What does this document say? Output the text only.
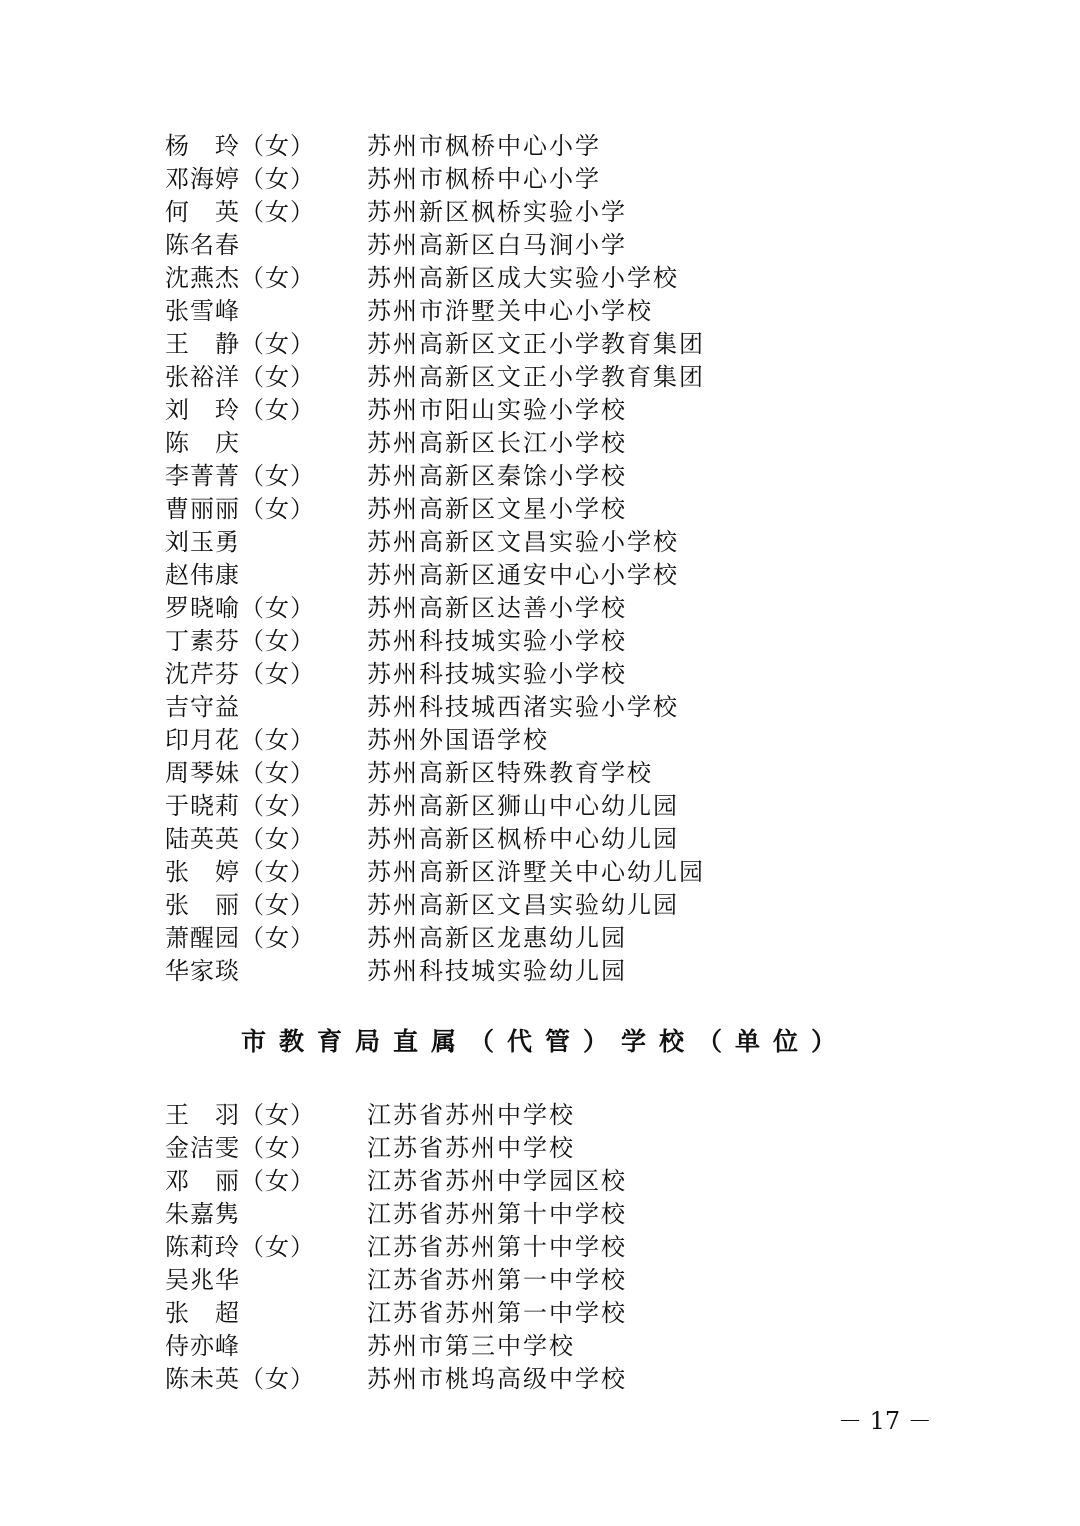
杨　玲（女） 苏州市枫桥中心小学
邓海婷（女） 苏州市枫桥中心小学
何　英（女） 苏州新区枫桥实验小学
陈名春	苏州高新区白马涧小学
沈燕杰（女） 苏州高新区成大实验小学校
张雪峰	苏州市浒墅关中心小学校
王　静（女） 苏州高新区文正小学教育集团
张裕洋（女） 苏州高新区文正小学教育集团
刘　玲（女） 苏州市阳山实验小学校
陈　庆	苏州高新区长江小学校
李菁菁（女） 苏州高新区秦馀小学校
曹丽丽（女） 苏州高新区文星小学校
刘玉勇	苏州高新区文昌实验小学校
赵伟康	苏州高新区通安中心小学校
罗晓喻（女） 苏州高新区达善小学校
丁素芬（女） 苏州科技城实验小学校
沈芹芬（女） 苏州科技城实验小学校
吉守益	苏州科技城西渚实验小学校
印月花（女） 苏州外国语学校
周琴妹（女） 苏州高新区特殊教育学校
于晓莉（女） 苏州高新区狮山中心幼儿园
陆英英（女） 苏州高新区枫桥中心幼儿园
张　婷（女） 苏州高新区浒墅关中心幼儿园
张　丽（女） 苏州高新区文昌实验幼儿园
萧醒园（女） 苏州高新区龙惠幼儿园
华家琰	苏州科技城实验幼儿园
市教育局直属（代管）学校（单位）
王　羽（女） 江苏省苏州中学校
金洁雯（女） 江苏省苏州中学校
邓　丽（女） 江苏省苏州中学园区校
朱嘉隽	江苏省苏州第十中学校
陈莉玲（女） 江苏省苏州第十中学校
吴兆华	江苏省苏州第一中学校
张　超	江苏省苏州第一中学校
侍亦峰	苏州市第三中学校
陈未英（女） 苏州市桃坞高级中学校
－ 17 －
